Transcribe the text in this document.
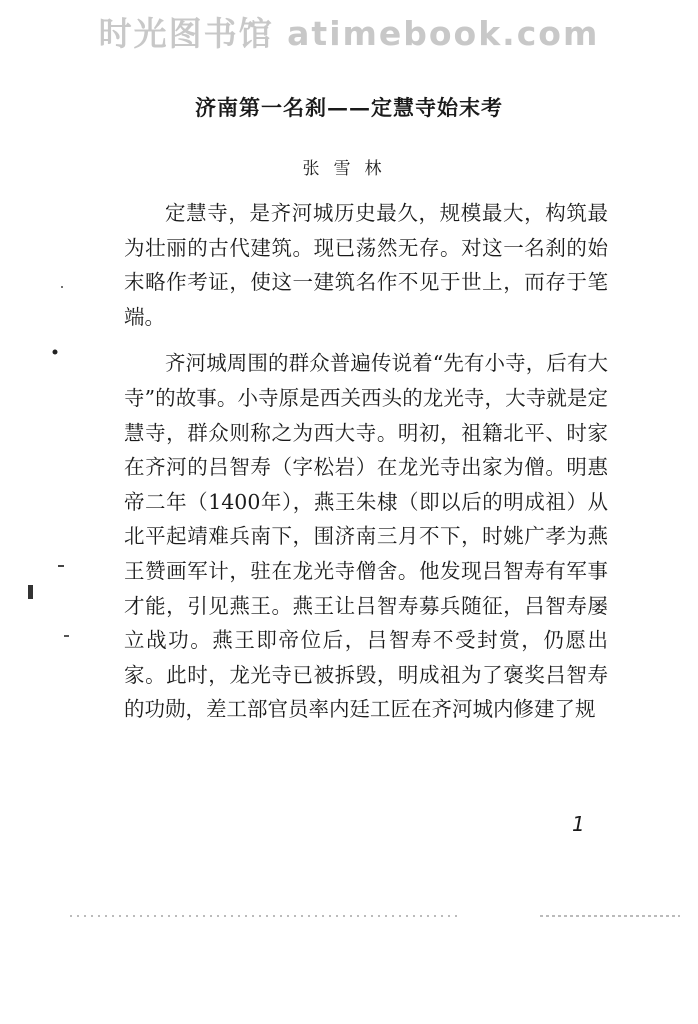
时光图书馆 atimebook.com
济南第一名刹——定慧寺始末考
张雪林

定慧寺，是齐河城历史最久，规模最大，构筑最为壮丽的古代建筑。现已荡然无存。对这一名刹的始末略作考证，使这一建筑名作不见于世上，而存于笔端。

齐河城周围的群众普遍传说着“先有小寺，后有大寺”的故事。小寺原是西关西头的龙光寺，大寺就是定慧寺，群众则称之为西大寺。明初，祖籍北平、时家在齐河的吕智寿（字松岩）在龙光寺出家为僧。明惠帝二年（1400年），燕王朱棣（即以后的明成祖）从北平起靖难兵南下，围济南三月不下，时姚广孝为燕王赞画军计，驻在龙光寺僧舍。他发现吕智寿有军事才能，引见燕王。燕王让吕智寿募兵随征，吕智寿屡立战功。燕王即帝位后，吕智寿不受封赏，仍愿出家。此时，龙光寺已被拆毁，明成祖为了褒奖吕智寿的功勋，差工部官员率内廷工匠在齐河城内修建了规

1
